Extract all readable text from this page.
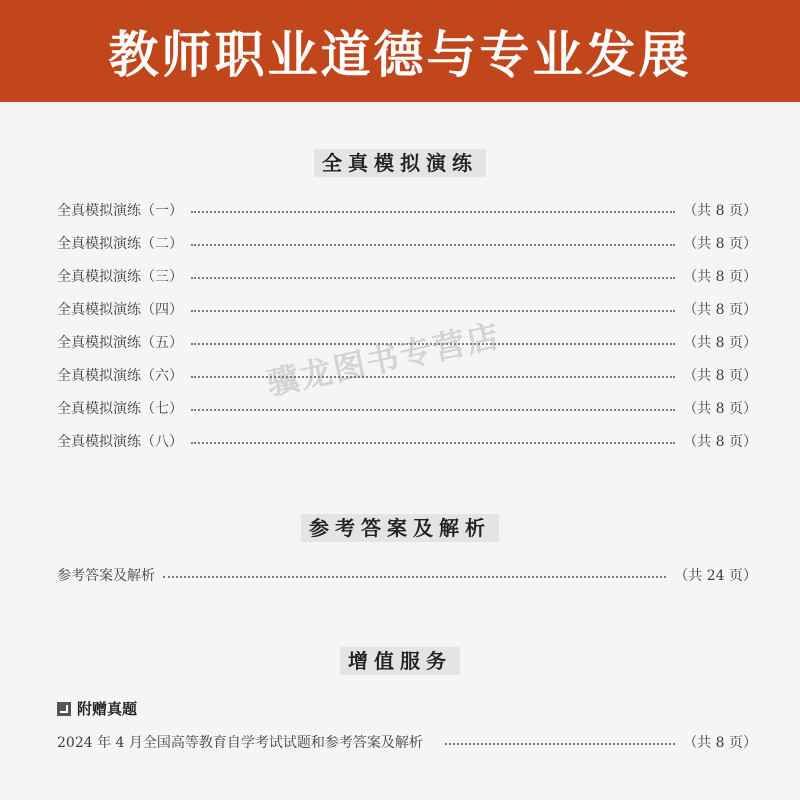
教师职业道德与专业发展
全真模拟演练
全真模拟演练（一）	（共 8 页）
全真模拟演练（二）	（共 8 页）
全真模拟演练（三）	（共 8 页）
全真模拟演练（四）	（共 8 页）
全真模拟演练（五）	（共 8 页）
全真模拟演练（六）	（共 8 页）
全真模拟演练（七）	（共 8 页）
全真模拟演练（八）	（共 8 页）
参考答案及解析
参考答案及解析	（共 24 页）
增值服务
附赠真题
2024 年 4 月全国高等教育自学考试试题和参考答案及解析	（共 8 页）
骥龙图书专营店
